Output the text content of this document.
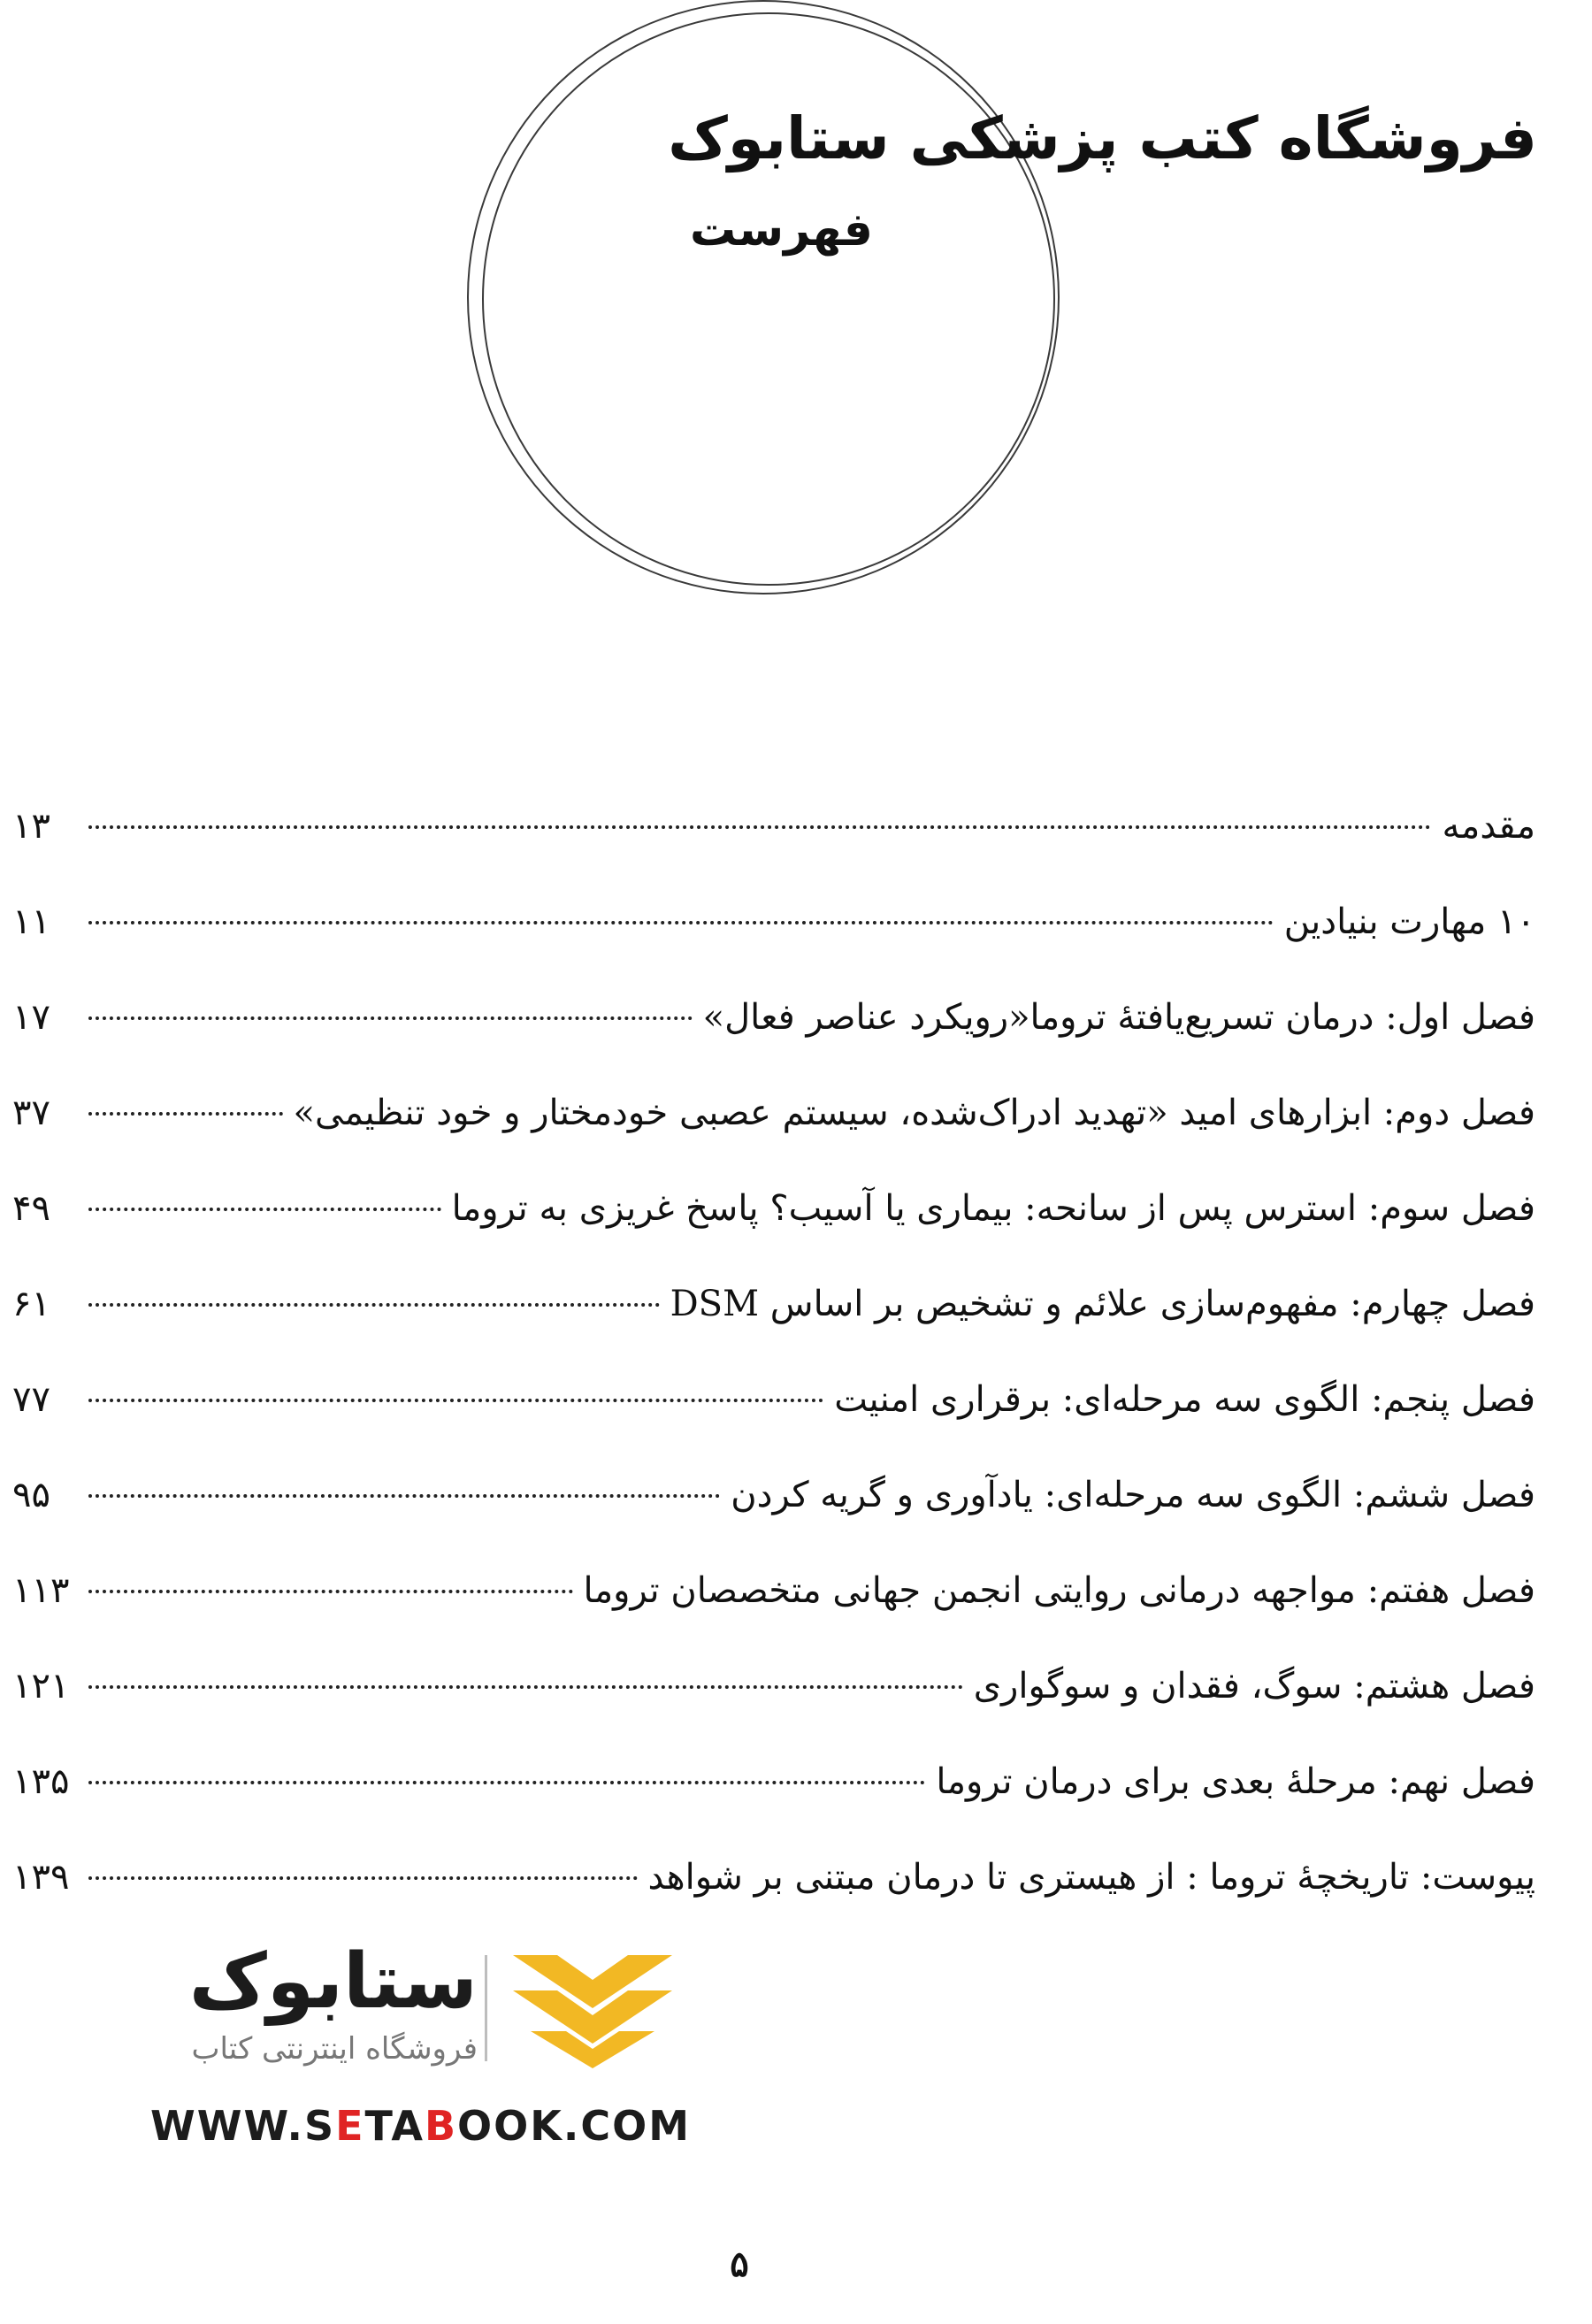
فروشگاه کتب پزشکی ستابوک
فهرست
مقدمه
۱۳
۱۰ مهارت بنیادین
۱۱
فصل اول: درمان تسریع‌یافتهٔ تروما«رویکرد عناصر فعال»
۱۷
فصل دوم: ابزارهای امید «تهدید ادراک‌شده، سیستم عصبی خودمختار و خود تنظیمی»
۳۷
فصل سوم: استرس پس از سانحه: بیماری یا آسیب؟ پاسخ غریزی به تروما
۴۹
فصل چهارم: مفهوم‌سازی علائم و تشخیص بر اساس DSM
۶۱
فصل پنجم: الگوی سه مرحله‌ای: برقراری امنیت
۷۷
فصل ششم: الگوی سه مرحله‌ای: یادآوری و گریه کردن
۹۵
فصل هفتم: مواجهه درمانی روایتی انجمن جهانی متخصصان تروما
۱۱۳
فصل هشتم: سوگ، فقدان و سوگواری
۱۲۱
فصل نهم: مرحلهٔ بعدی برای درمان تروما
۱۳۵
پیوست: تاریخچهٔ تروما : از هیستری تا درمان مبتنی بر شواهد
۱۳۹
ستابوک
فروشگاه اینترنتی کتاب
WWW.SETABOOK.COM
۵
